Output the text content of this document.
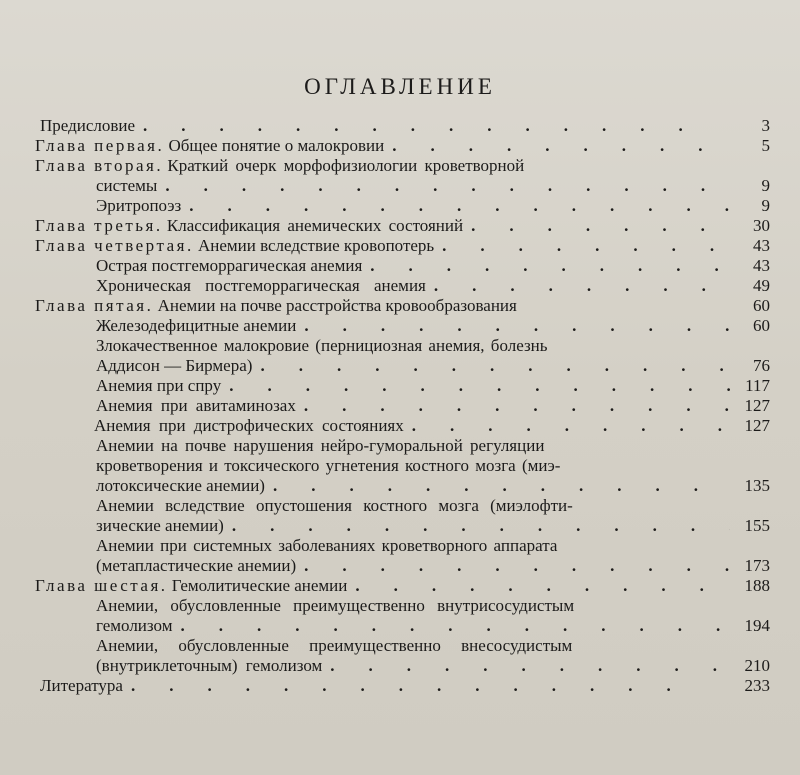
ОГЛАВЛЕНИЕ
Предисловие .	3
Глава первая. Общее понятие о малокровии .	5
Глава вторая. Краткий очерк морфофизиологии кроветворной
системы .	9
Эритропоэз .	9
Глава третья. Классификация анемических состояний .	30
Глава четвертая. Анемии вследствие кровопотерь .	43
Острая постгеморрагическая анемия .	43
Хроническая постгеморрагическая анемия .	49
Глава пятая. Анемии на почве расстройства кровообразования	60
Железодефицитные анемии .	60
Злокачественное малокровие (пернициозная анемия, болезнь
Аддисон — Бирмера) .	76
Анемия при спру .	117
Анемия при авитаминозах .	127
Анемия при дистрофических состояниях .	127
Анемии на почве нарушения нейро-гуморальной регуляции
кроветворения и токсического угнетения костного мозга (миэ-
лотоксические анемии) .	135
Анемии вследствие опустошения костного мозга (миэлофти-
зические анемии) .	155
Анемии при системных заболеваниях кроветворного аппарата
(метапластические анемии) .	173
Глава шестая. Гемолитические анемии .	188
Анемии, обусловленные преимущественно внутрисосудистым
гемолизом .	194
Анемии, обусловленные преимущественно внесосудистым
(внутриклеточным) гемолизом .	210
Литература .	233
